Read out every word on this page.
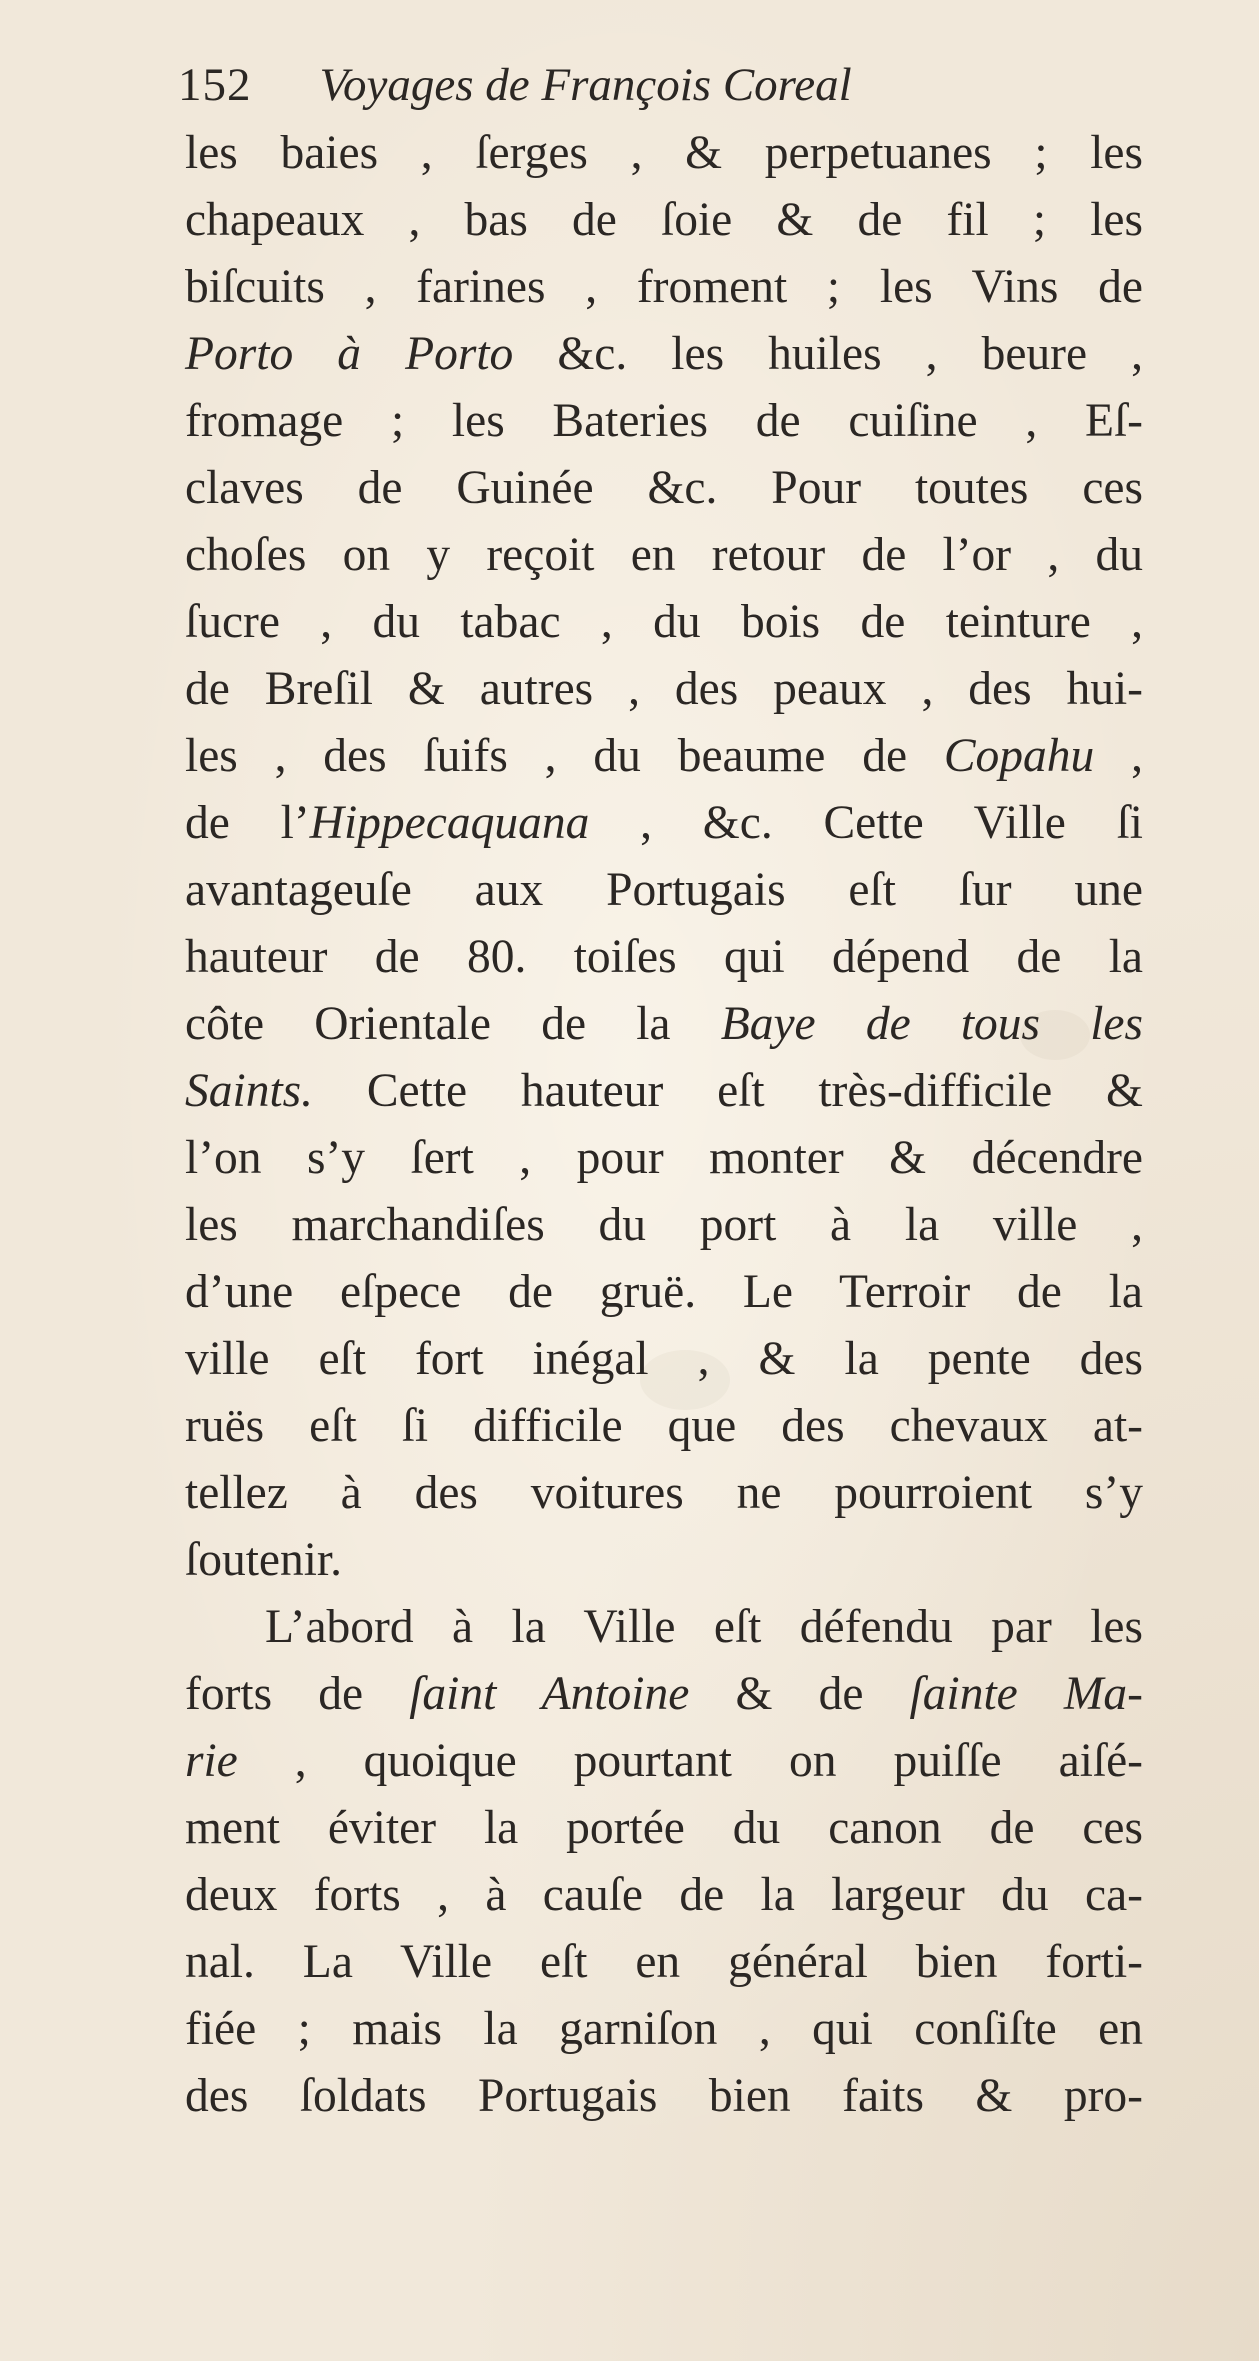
152 Voyages de François Coreal
les baies , ſerges , & perpetuanes ; les
chapeaux , bas de ſoie & de fil ; les
biſcuits , farines , froment ; les Vins de
Porto à Porto &c. les huiles , beure ,
fromage ; les Bateries de cuiſine , Eſ-
claves de Guinée &c. Pour toutes ces
choſes on y reçoit en retour de l’or , du
ſucre , du tabac , du bois de teinture ,
de Breſil & autres , des peaux , des hui-
les , des ſuifs , du beaume de Copahu ,
de l’Hippecaquana , &c. Cette Ville ſi
avantageuſe aux Portugais eſt ſur une
hauteur de 80. toiſes qui dépend de la
côte Orientale de la Baye de tous les
Saints. Cette hauteur eſt très-difficile &
l’on s’y ſert , pour monter & décendre
les marchandiſes du port à la ville ,
d’une eſpece de gruë. Le Terroir de la
ville eſt fort inégal , & la pente des
ruës eſt ſi difficile que des chevaux at-
tellez à des voitures ne pourroient s’y
ſoutenir.
L’abord à la Ville eſt défendu par les
forts de ſaint Antoine & de ſainte Ma-
rie , quoique pourtant on puiſſe aiſé-
ment éviter la portée du canon de ces
deux forts , à cauſe de la largeur du ca-
nal. La Ville eſt en général bien forti-
fiée ; mais la garniſon , qui conſiſte en
des ſoldats Portugais bien faits & pro-
